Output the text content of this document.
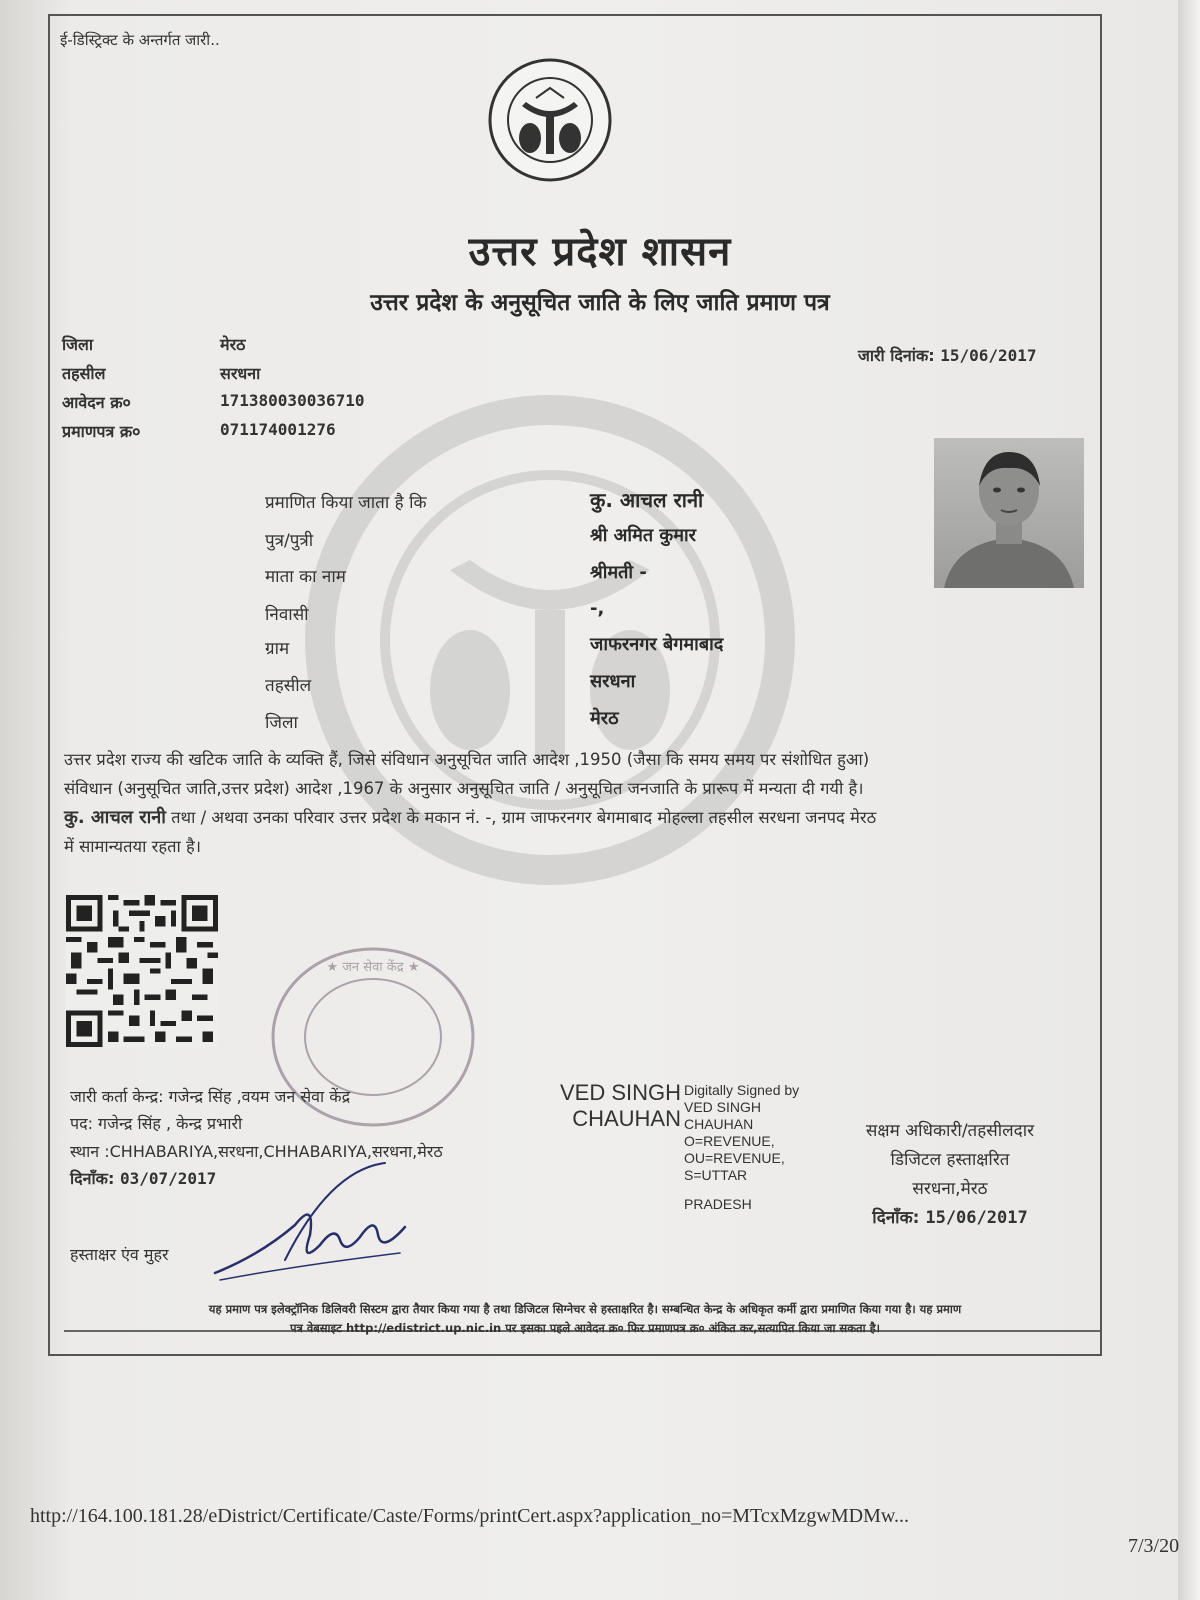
ई-डिस्ट्रिक्ट के अन्तर्गत जारी..
उत्तर प्रदेश शासन
उत्तर प्रदेश के अनुसूचित जाति के लिए जाति प्रमाण पत्र
जिला	मेरठ
तहसील	सरधना
आवेदन क्र०	171380030036710
प्रमाणपत्र क्र०	071174001276
जारी दिनांक: 15/06/2017
प्रमाणित किया जाता है कि	कु. आचल रानी
पुत्र/पुत्री	श्री अमित कुमार
माता का नाम	श्रीमती -
निवासी	-,
ग्राम	जाफरनगर बेगमाबाद
तहसील	सरधना
जिला	मेरठ
उत्तर प्रदेश राज्य की खटिक जाति के व्यक्ति हैं, जिसे संविधान अनुसूचित जाति आदेश ,1950 (जैसा कि समय समय पर संशोधित हुआ)
संविधान (अनुसूचित जाति,उत्तर प्रदेश) आदेश ,1967 के अनुसार अनुसूचित जाति / अनुसूचित जनजाति के प्रारूप में मन्यता दी गयी है।
कु. आचल रानी तथा / अथवा उनका परिवार उत्तर प्रदेश के मकान नं. -, ग्राम जाफरनगर बेगमाबाद मोहल्ला तहसील सरधना जनपद मेरठ
में सामान्यतया रहता है।
★ जन सेवा केंद्र ★
जारी कर्ता केन्द्र: गजेन्द्र सिंह ,वयम जन सेवा केंद्र
पद: गजेन्द्र सिंह , केन्द्र प्रभारी
स्थान :CHHABARIYA,सरधना,CHHABARIYA,सरधना,मेरठ
दिनाँक: 03/07/2017
हस्ताक्षर एंव मुहर
VED SINGH
CHAUHAN
Digitally Signed by
VED SINGH
CHAUHAN
O=REVENUE,
OU=REVENUE,
S=UTTAR
PRADESH
सक्षम अधिकारी/तहसीलदार
डिजिटल हस्ताक्षरित
सरधना,मेरठ
दिनाँक: 15/06/2017
यह प्रमाण पत्र इलेक्ट्रॉनिक डिलिवरी सिस्टम द्वारा तैयार किया गया है तथा डिजिटल सिग्नेचर से हस्ताक्षरित है। सम्बन्धित केन्द्र के अधिकृत कर्मी द्वारा प्रमाणित किया गया है। यह प्रमाण
पत्र वेबसाइट http://edistrict.up.nic.in पर इसका पहले आवेदन क्र० फिर प्रमाणपत्र क्र० अंकित कर,सत्यापित किया जा सकता है।
http://164.100.181.28/eDistrict/Certificate/Caste/Forms/printCert.aspx?application_no=MTcxMzgwMDMw...
7/3/20
